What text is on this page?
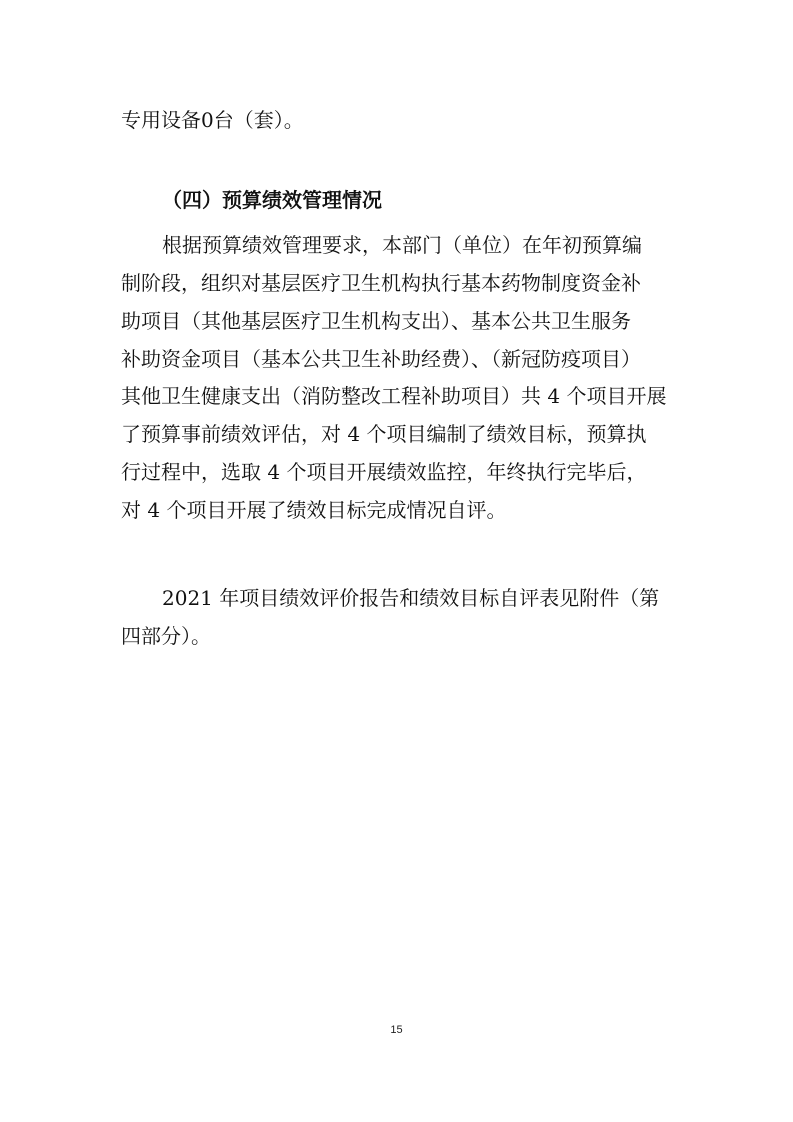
专用设备0台（套）。
（四）预算绩效管理情况
根据预算绩效管理要求，本部门（单位）在年初预算编
制阶段，组织对基层医疗卫生机构执行基本药物制度资金补
助项目（其他基层医疗卫生机构支出）、基本公共卫生服务
补助资金项目（基本公共卫生补助经费）、（新冠防疫项目）
其他卫生健康支出（消防整改工程补助项目）共 4 个项目开展
了预算事前绩效评估，对 4 个项目编制了绩效目标，预算执
行过程中，选取 4 个项目开展绩效监控，年终执行完毕后，
对 4 个项目开展了绩效目标完成情况自评。
2021 年项目绩效评价报告和绩效目标自评表见附件（第
四部分）。
15
